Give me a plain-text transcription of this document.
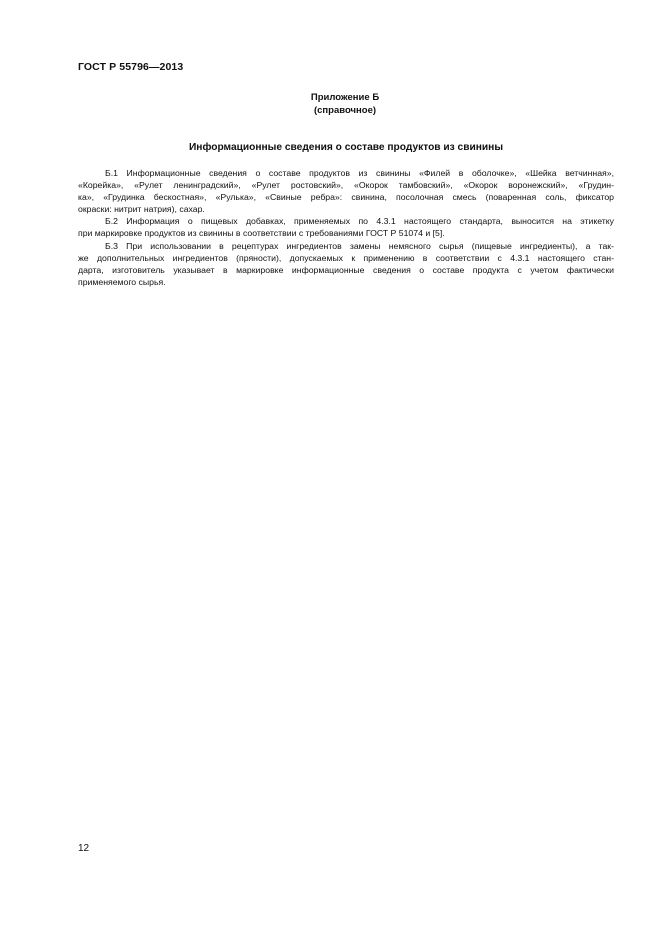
ГОСТ Р 55796—2013
Приложение Б
(справочное)
Информационные сведения о составе продуктов из свинины
Б.1 Информационные сведения о составе продуктов из свинины «Филей в оболочке», «Шейка ветчинная»,
«Корейка», «Рулет ленинградский», «Рулет ростовский», «Окорок тамбовский», «Окорок воронежский», «Грудин-
ка», «Грудинка бескостная», «Рулька», «Свиные ребра»: свинина, посолочная смесь (поваренная соль, фиксатор
окраски: нитрит натрия), сахар.
Б.2 Информация о пищевых добавках, применяемых по 4.3.1 настоящего стандарта, выносится на этикетку
при маркировке продуктов из свинины в соответствии с требованиями ГОСТ Р 51074 и [5].
Б.3 При использовании в рецептурах ингредиентов замены немясного сырья (пищевые ингредиенты), а так-
же дополнительных ингредиентов (пряности), допускаемых к применению в соответствии с 4.3.1 настоящего стан-
дарта, изготовитель указывает в маркировке информационные сведения о составе продукта с учетом фактически
применяемого сырья.
12
